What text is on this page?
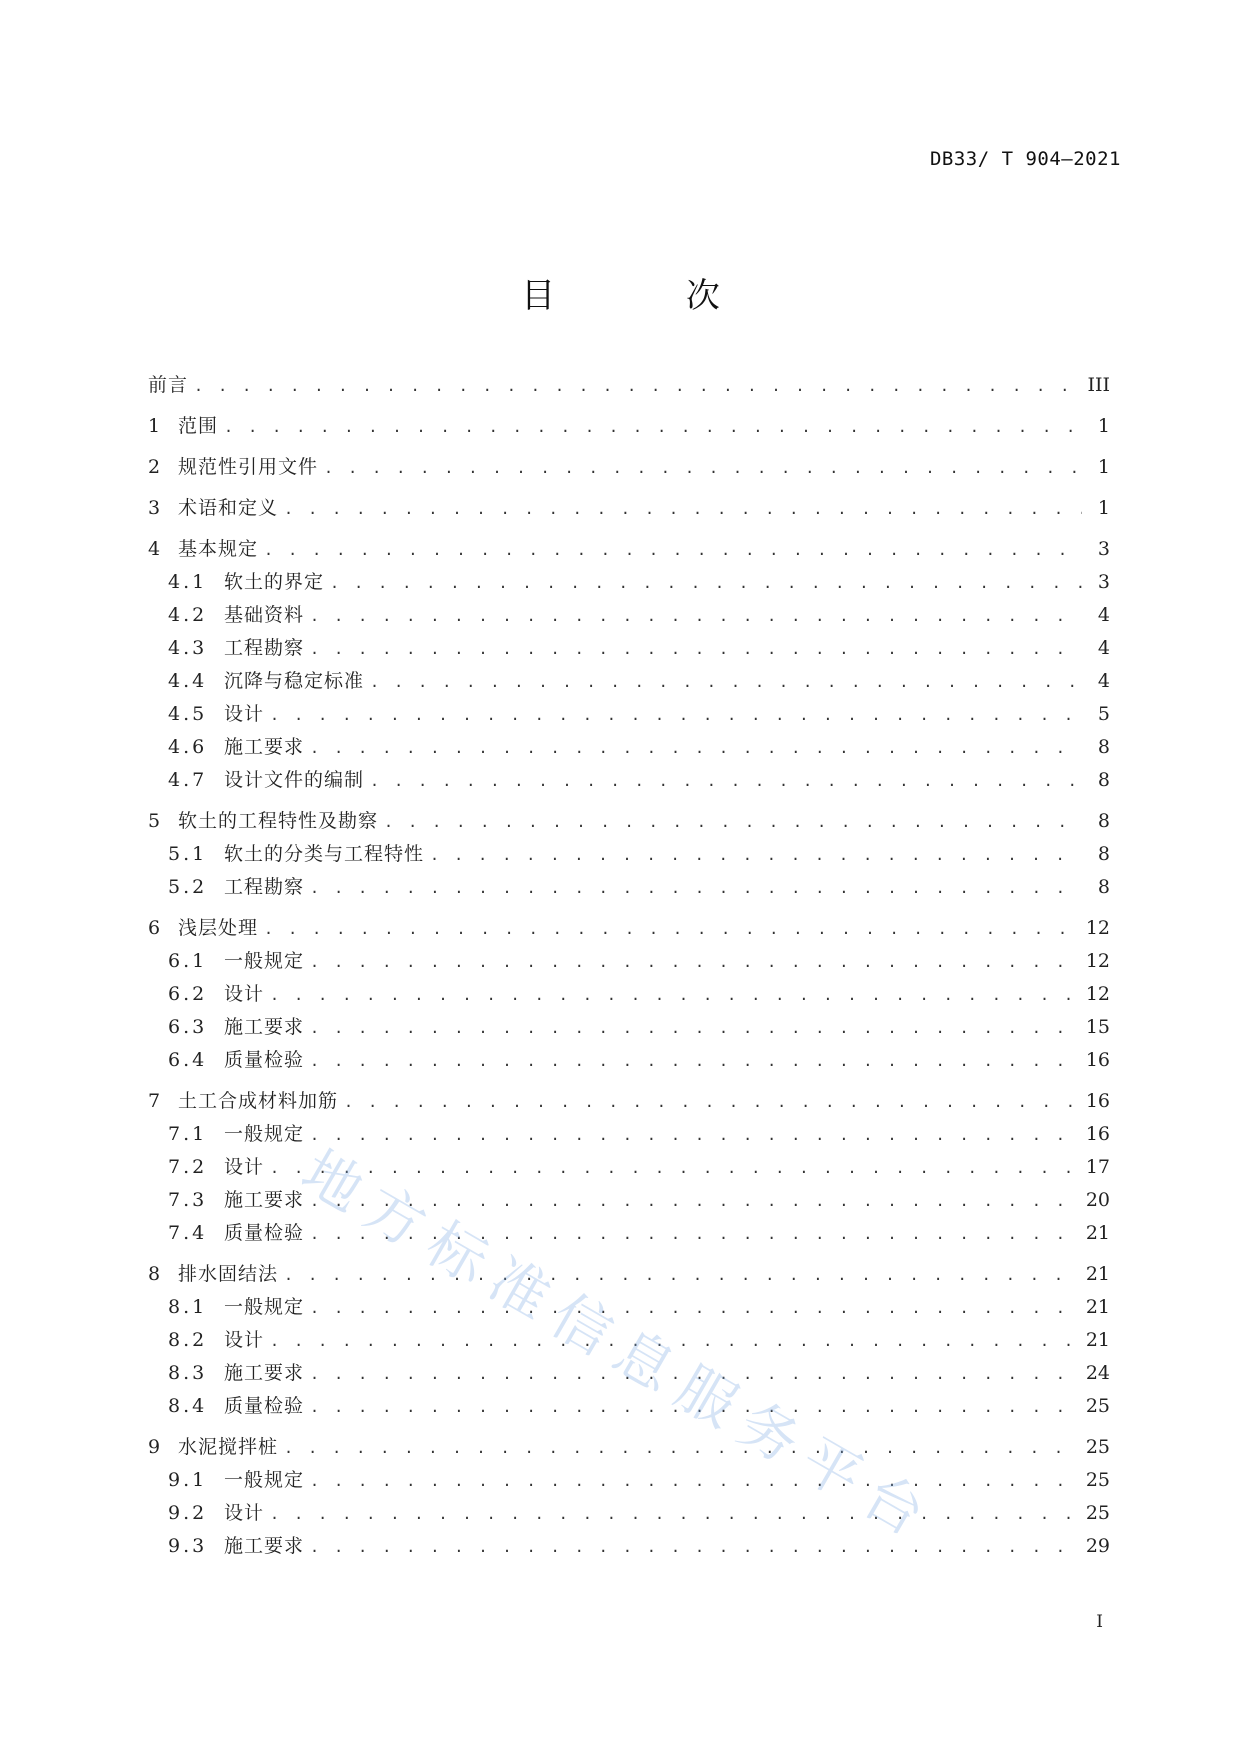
DB33/ T 904—2021
目 次
前言 . . .	III
1 范围 . . .	1
2 规范性引用文件 . . .	1
3 术语和定义 . . .	1
4 基本规定 . . .	3
4.1 软土的界定 . . .	3
4.2 基础资料 . . .	4
4.3 工程勘察 . . .	4
4.4 沉降与稳定标准 . . .	4
4.5 设计 . . .	5
4.6 施工要求 . . .	8
4.7 设计文件的编制 . . .	8
5 软土的工程特性及勘察 . . .	8
5.1 软土的分类与工程特性 . . .	8
5.2 工程勘察 . . .	8
6 浅层处理 . . .	12
6.1 一般规定 . . .	12
6.2 设计 . . .	12
6.3 施工要求 . . .	15
6.4 质量检验 . . .	16
7 土工合成材料加筋 . . .	16
7.1 一般规定 . . .	16
7.2 设计 . . .	17
7.3 施工要求 . . .	20
7.4 质量检验 . . .	21
8 排水固结法 . . .	21
8.1 一般规定 . . .	21
8.2 设计 . . .	21
8.3 施工要求 . . .	24
8.4 质量检验 . . .	25
9 水泥搅拌桩 . . .	25
9.1 一般规定 . . .	25
9.2 设计 . . .	25
9.3 施工要求 . . .	29
I
地方标准信息服务平台
